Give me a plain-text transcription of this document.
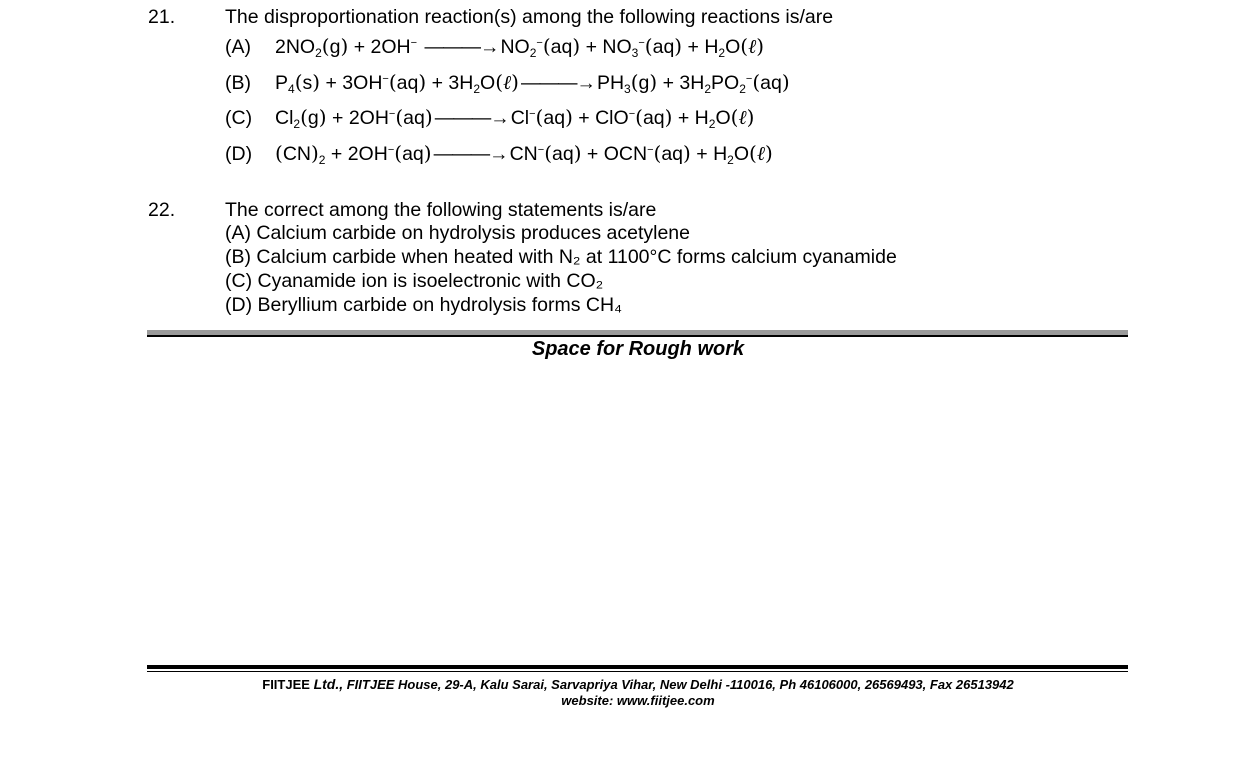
21.	The disproportionation reaction(s) among the following reactions is/are
(A) $2NO_2(g) + 2OH^-$ ———→ $NO_2^-(aq) + NO_3^-(aq)$ + $H_2O(\ell)$
(B) $P_4(s) + 3OH^-(aq)$ + $3H_2O(\ell)$ ———→ $PH_3(g) + 3H_2PO_2^-(aq)$
(C) $Cl_2(g) + 2OH^-(aq)$ ———→ $Cl^-(aq) + ClO^-(aq) + H_2O(\ell)$
(D) $(CN)_2 + 2OH^-(aq)$ ———→ $CN^-(aq) + OCN^-(aq) + H_2O(\ell)$
22.	The correct among the following statements is/are
(A) Calcium carbide on hydrolysis produces acetylene
(B) Calcium carbide when heated with N₂ at 1100°C forms calcium cyanamide
(C) Cyanamide ion is isoelectronic with CO₂
(D) Beryllium carbide on hydrolysis forms CH₄
Space for Rough work
FIITJEE Ltd., FIITJEE House, 29-A, Kalu Sarai, Sarvapriya Vihar, New Delhi -110016, Ph 46106000, 26569493, Fax 26513942
website: www.fiitjee.com
